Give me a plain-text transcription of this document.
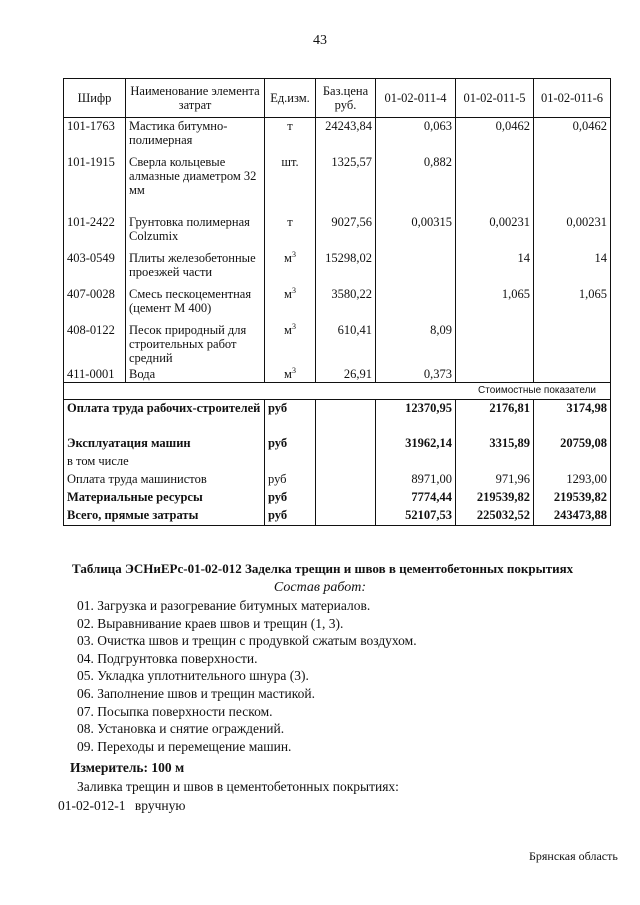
43
Шифр	Наименование элемента затрат	Ед.изм.	Баз.цена руб.	01-02-011-4	01-02-011-5	01-02-011-6
101-1763	Мастика битумно-полимерная	т	24243,84	0,063	0,0462	0,0462
101-1915	Сверла кольцевые алмазные диаметром 32 мм	шт.	1325,57	0,882		
101-2422	Грунтовка полимерная Colzumix	т	9027,56	0,00315	0,00231	0,00231
403-0549	Плиты железобетонные проезжей части	$м^3$	15298,02		14	14
407-0028	Смесь пескоцементная (цемент М 400)	$м^3$	3580,22		1,065	1,065
408-0122	Песок природный для строительных работ средний	$м^3$	610,41	8,09		
411-0001	Вода	$м^3$	26,91	0,373		
Стоимостные показатели						
Оплата труда рабочих-строителей		руб		12370,95	2176,81	3174,98
Эксплуатация машин		руб		31962,14	3315,89	20759,08
в том числе						
Оплата труда машинистов		руб		8971,00	971,96	1293,00
Материальные ресурсы		руб		7774,44	219539,82	219539,82
Всего, прямые затраты		руб		52107,53	225032,52	243473,88
Таблица ЭСНиЕРс-01-02-012 Заделка трещин и швов в цементобетонных покрытиях
Состав работ:
01. Загрузка и разогревание битумных материалов.
02. Выравнивание краев швов и трещин (1, 3).
03. Очистка швов и трещин с продувкой сжатым воздухом.
04. Подгрунтовка поверхности.
05. Укладка уплотнительного шнура (3).
06. Заполнение швов и трещин мастикой.
07. Посыпка поверхности песком.
08. Установка и снятие ограждений.
09. Переходы и перемещение машин.
Измеритель: 100 м
Заливка трещин и швов в цементобетонных покрытиях:
01-02-012-1 вручную
Брянская область
